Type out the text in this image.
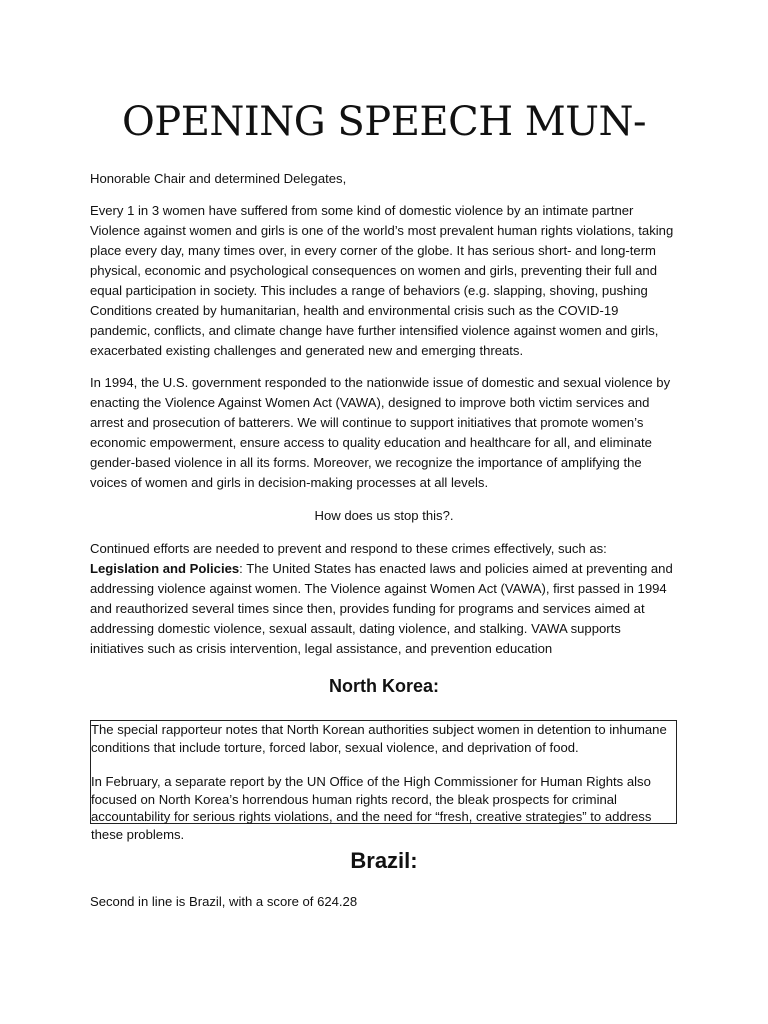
OPENING SPEECH MUN-

Honorable Chair and determined Delegates,

Every 1 in 3 women have suffered from some kind of domestic violence by an intimate partner Violence against women and girls is one of the world’s most prevalent human rights violations, taking place every day, many times over, in every corner of the globe. It has serious short- and long-term physical, economic and psychological consequences on women and girls, preventing their full and equal participation in society. This includes a range of behaviors (e.g. slapping, shoving, pushing Conditions created by humanitarian, health and environmental crisis such as the COVID-19 pandemic, conflicts, and climate change have further intensified violence against women and girls, exacerbated existing challenges and generated new and emerging threats.

In 1994, the U.S. government responded to the nationwide issue of domestic and sexual violence by enacting the Violence Against Women Act (VAWA), designed to improve both victim services and arrest and prosecution of batterers. We will continue to support initiatives that promote women’s economic empowerment, ensure access to quality education and healthcare for all, and eliminate gender-based violence in all its forms. Moreover, we recognize the importance of amplifying the voices of women and girls in decision-making processes at all levels.

How does us stop this?.

Continued efforts are needed to prevent and respond to these crimes effectively, such as: Legislation and Policies: The United States has enacted laws and policies aimed at preventing and addressing violence against women. The Violence against Women Act (VAWA), first passed in 1994 and reauthorized several times since then, provides funding for programs and services aimed at addressing domestic violence, sexual assault, dating violence, and stalking. VAWA supports initiatives such as crisis intervention, legal assistance, and prevention education

North Korea:

The special rapporteur notes that North Korean authorities subject women in detention to inhumane conditions that include torture, forced labor, sexual violence, and deprivation of food.

In February, a separate report by the UN Office of the High Commissioner for Human Rights also focused on North Korea’s horrendous human rights record, the bleak prospects for criminal accountability for serious rights violations, and the need for “fresh, creative strategies” to address these problems.

Brazil:

Second in line is Brazil, with a score of 624.28
